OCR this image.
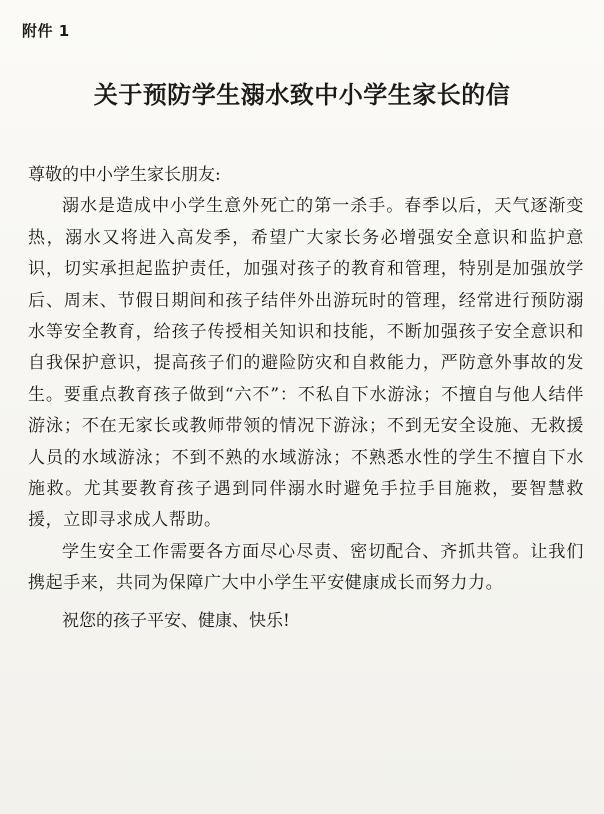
附件 1
关于预防学生溺水致中小学生家长的信

尊敬的中小学生家长朋友:

溺水是造成中小学生意外死亡的第一杀手。春季以后，天气逐渐变热，溺水又将进入高发季，希望广大家长务必增强安全意识和监护意识，切实承担起监护责任，加强对孩子的教育和管理，特别是加强放学后、周末、节假日期间和孩子结伴外出游玩时的管理，经常进行预防溺水等安全教育，给孩子传授相关知识和技能，不断加强孩子安全意识和自我保护意识，提高孩子们的避险防灾和自救能力，严防意外事故的发生。要重点教育孩子做到“六不”：不私自下水游泳；不擅自与他人结伴游泳；不在无家长或教师带领的情况下游泳；不到无安全设施、无救援人员的水域游泳；不到不熟的水域游泳；不熟悉水性的学生不擅自下水施救。尤其要教育孩子遇到同伴溺水时避免手拉手目施救，要智慧救援，立即寻求成人帮助。

学生安全工作需要各方面尽心尽责、密切配合、齐抓共管。让我们携起手来，共同为保障广大中小学生平安健康成长而努力力。

祝您的孩子平安、健康、快乐!
